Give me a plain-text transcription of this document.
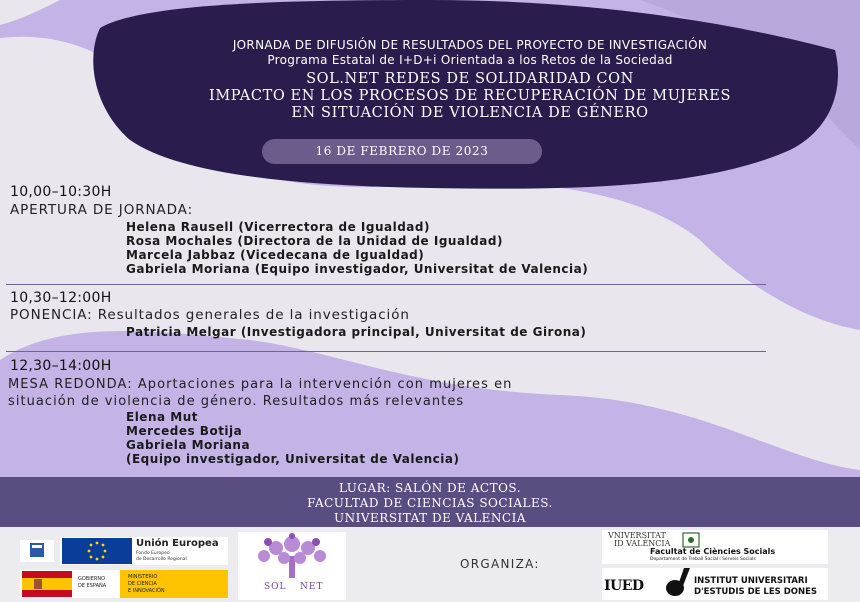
JORNADA DE DIFUSIÓN DE RESULTADOS DEL PROYECTO DE INVESTIGACIÓN
Programa Estatal de I+D+i Orientada a los Retos de la Sociedad
SOL.NET REDES DE SOLIDARIDAD CON
IMPACTO EN LOS PROCESOS DE RECUPERACIÓN DE MUJERES
EN SITUACIÓN DE VIOLENCIA DE GÉNERO
16 DE FEBRERO DE 2023
10,00–10:30H
APERTURA DE JORNADA:
Helena Rausell (Vicerrectora de Igualdad)
Rosa Mochales (Directora de la Unidad de Igualdad)
Marcela Jabbaz (Vicedecana de Igualdad)
Gabriela Moriana (Equipo investigador, Universitat de Valencia)
10,30–12:00H
PONENCIA: Resultados generales de la investigación
Patricia Melgar (Investigadora principal, Universitat de Girona)
12,30–14:00H
MESA REDONDA: Aportaciones para la intervención con mujeres en
situación de violencia de género. Resultados más relevantes
Elena Mut
Mercedes Botija
Gabriela Moriana
(Equipo investigador, Universitat de Valencia)
LUGAR: SALÓN DE ACTOS.
FACULTAD DE CIENCIAS SOCIALES.
UNIVERSITAT DE VALENCIA
Unión Europea
Fondo Europeo
de Desarrollo Regional
GOBIERNO
DE ESPAÑA
MINISTERIO
DE CIENCIA
E INNOVACIÓN	SOL NET
ORGANIZA:
VNIVERSITAT
ID VALÈNCIA
Facultat de Ciències Socials
Departament de Treball Social i Serveis Socials
IUED	INSTITUT UNIVERSITARI
D'ESTUDIS DE LES DONES
